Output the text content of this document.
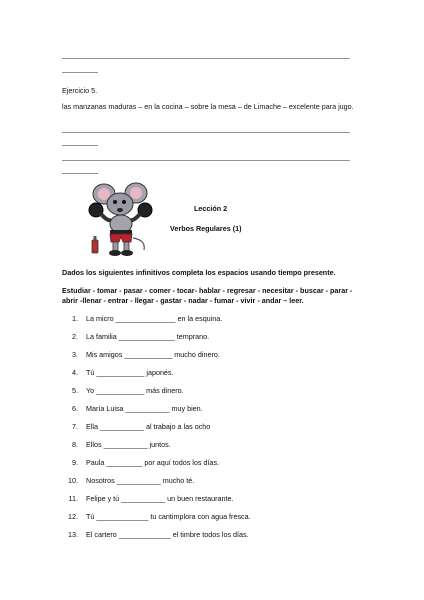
________________________________________________________________________
_________
Ejercicio 5.
las manzanas maduras – en la cocina – sobre la mesa – de Limache – excelente para jugo.
________________________________________________________________________
_________
________________________________________________________________________
_________
Lección 2
Verbos Regulares (1)
Dados los siguientes infinitivos completa los espacios usando tiempo presente.
Estudiar - tomar - pasar - comer - tocar- hablar - regresar - necesitar - buscar - parar - abrir -llenar - entrar - llegar - gastar - nadar - fumar - vivir - andar – leer.
1. La micro _______________ en la esquina.
2. La familia ______________ temprano.
3. Mis amigos ____________ mucho dinero.
4. Tú ____________ japonés.
5. Yo ____________ más dinero.
6. María Luisa ___________ muy bien.
7. Ella ___________ al trabajo a las ocho
8. Ellos ___________ juntos.
9. Paula _________ por aquí todos los días.
10. Nosotros ___________ mucho té.
11. Felipe y tú ___________ un buen restaurante.
12. Tú _____________ tu cantimplora con agua fresca.
13. El cartero _____________ el timbre todos los días.
